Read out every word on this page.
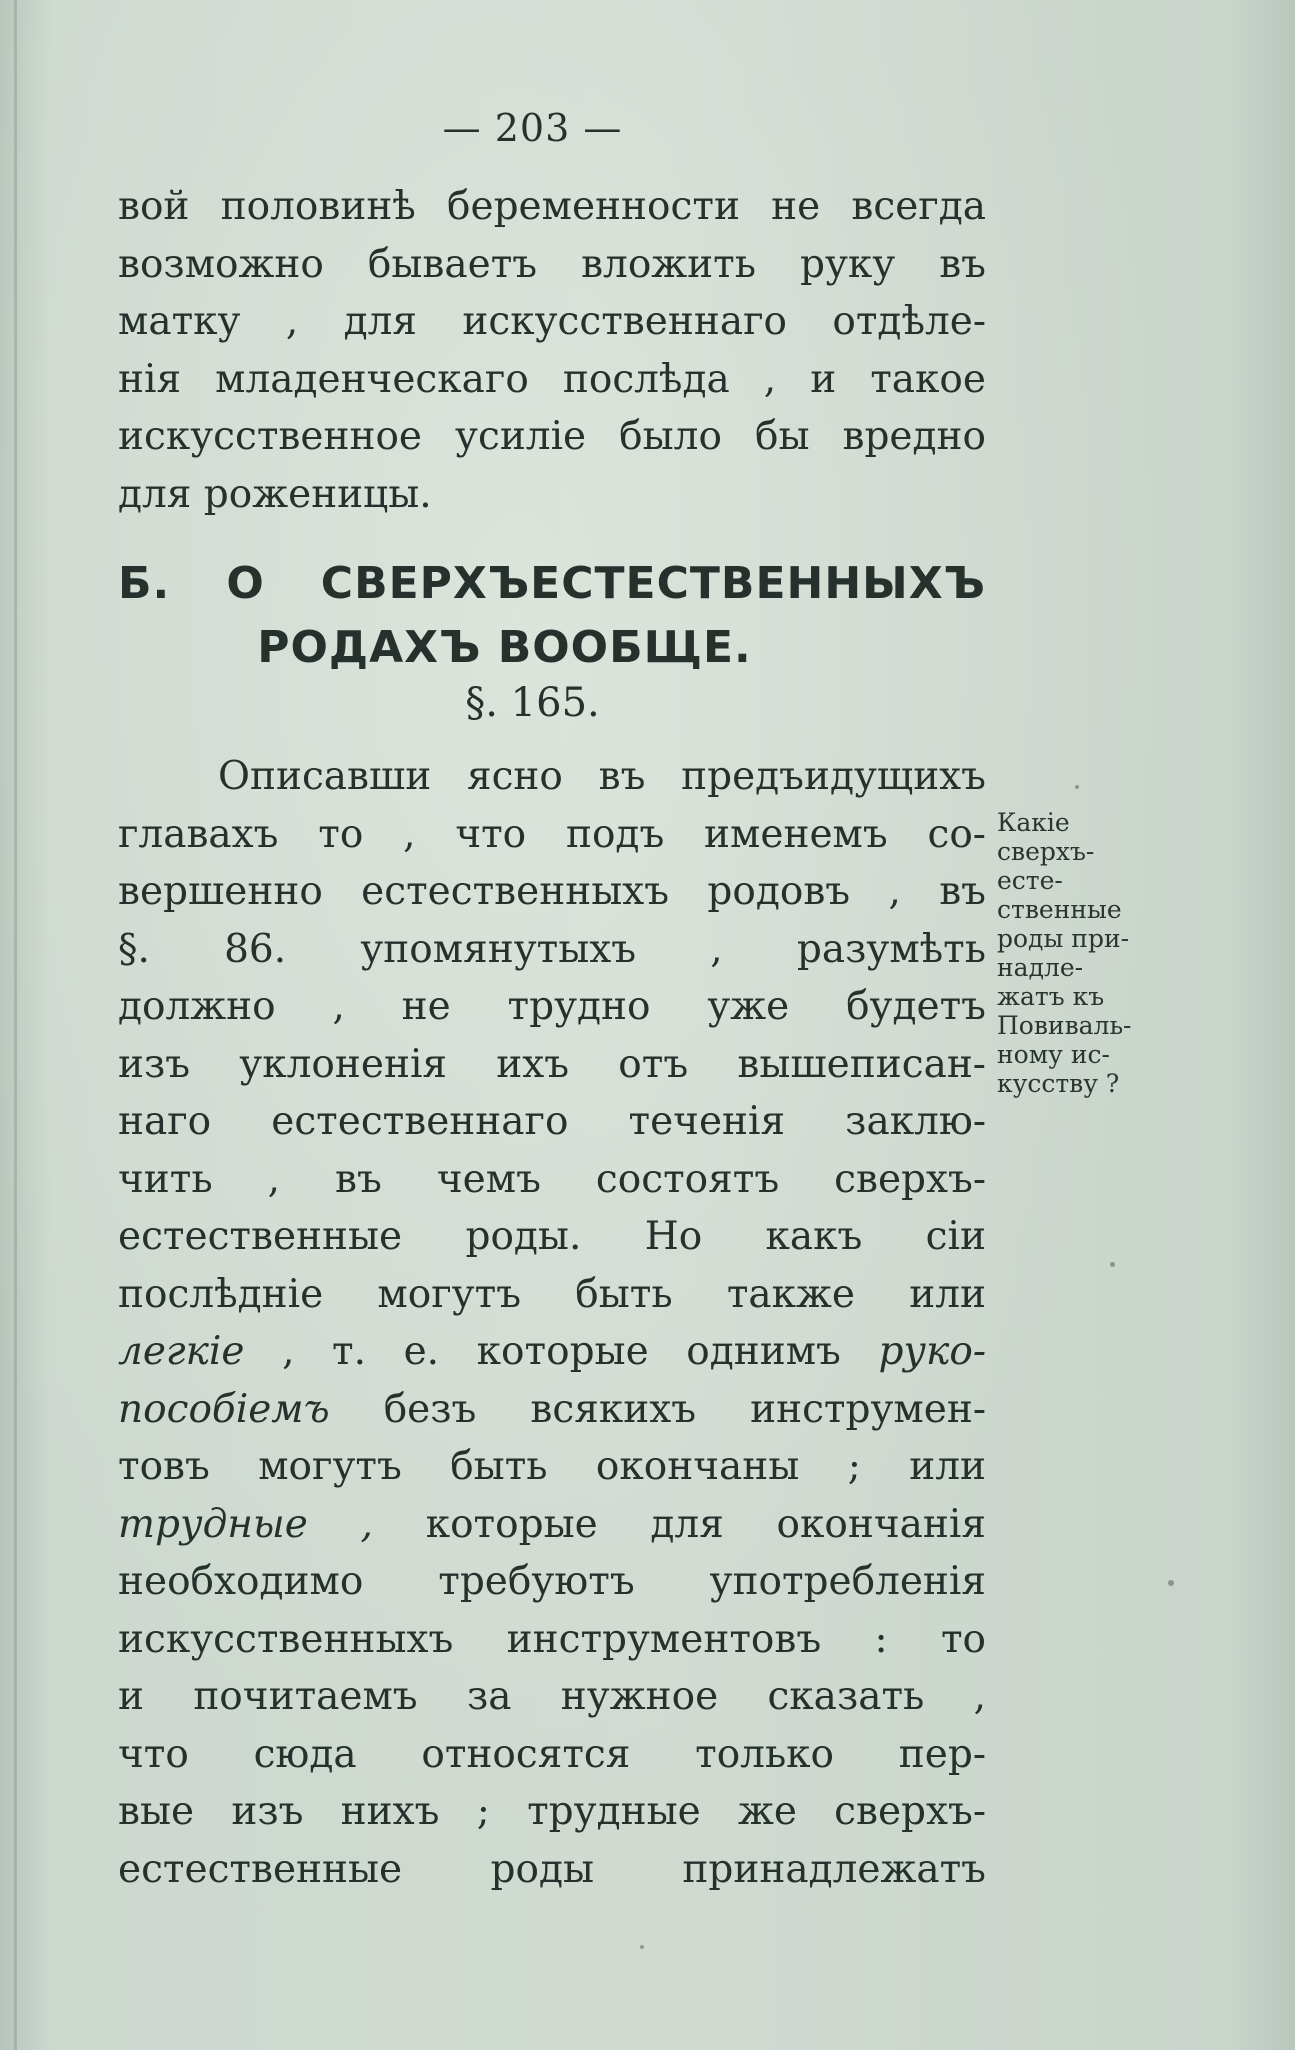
— 203 —
вой половинѣ беременности не всегда
возможно бываетъ вложить руку въ
матку , для искусственнаго отдѣле-
нія младенческаго послѣда , и такое
искусственное усиліе было бы вредно
для роженицы.
Б. О СВЕРХЪЕСТЕСТВЕННЫХЪ
РОДАХЪ ВООБЩЕ.
§. 165.
Описавши ясно въ предъидущихъ
главахъ то , что подъ именемъ со-
вершенно естественныхъ родовъ , въ
§. 86. упомянутыхъ , разумѣть
должно , не трудно уже будетъ
изъ уклоненія ихъ отъ вышеписан-
наго естественнаго теченія заклю-
чить , въ чемъ состоятъ сверхъ-
естественные роды. Но какъ сіи
послѣдніе могутъ быть также или
легкіе , т. е. которые однимъ руко-
пособіемъ безъ всякихъ инструмен-
товъ могутъ быть окончаны ; или
трудные , которые для окончанія
необходимо требуютъ употребленія
искусственныхъ инструментовъ : то
и почитаемъ за нужное сказать ,
что сюда относятся только пер-
вые изъ нихъ ; трудные же сверхъ-
естественные роды принадлежатъ
Какіе
сверхъ-
есте-
ственные
роды при-
надле-
жатъ къ
Повиваль-
ному ис-
кусству ?
